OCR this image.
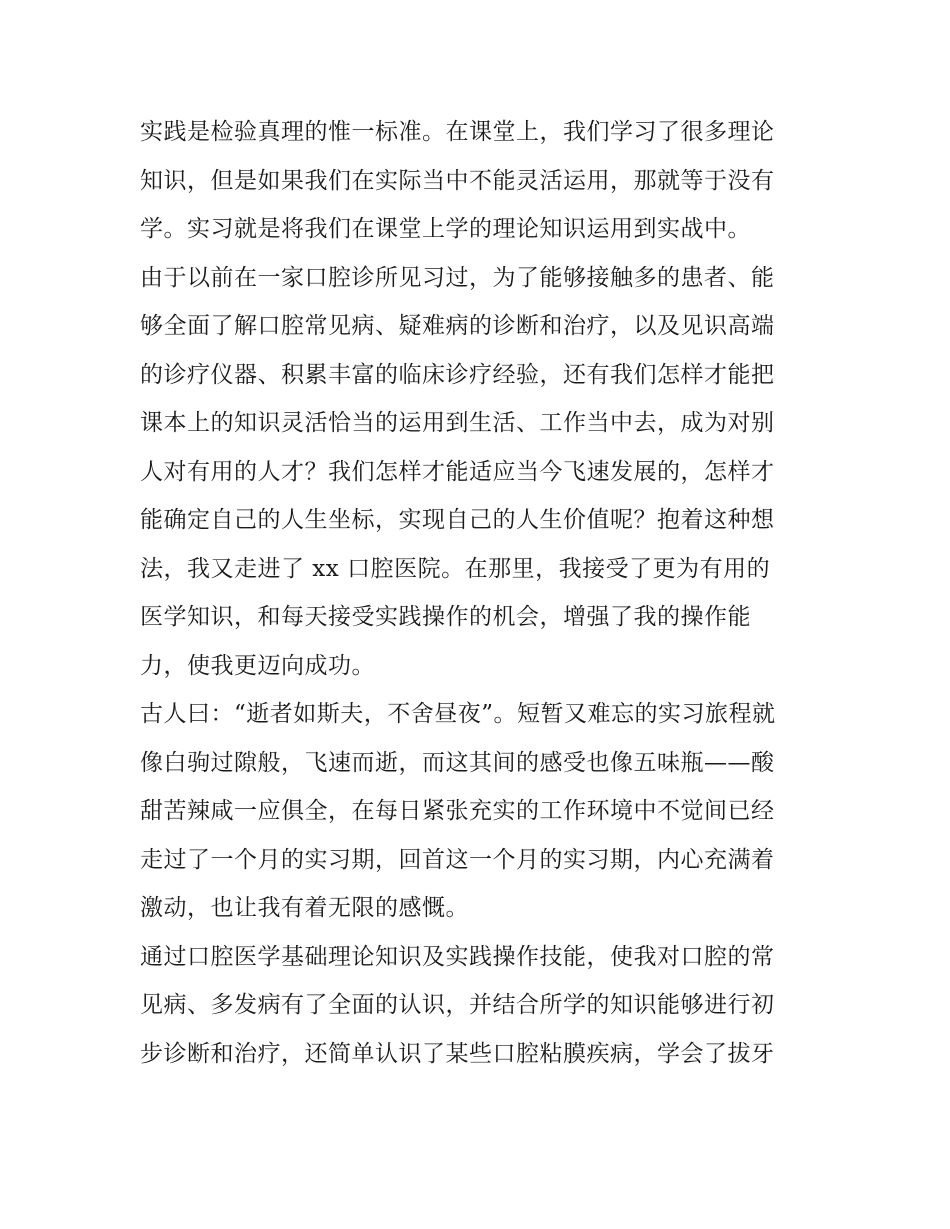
实践是检验真理的惟一标准。在课堂上，我们学习了很多理论
知识，但是如果我们在实际当中不能灵活运用，那就等于没有
学。实习就是将我们在课堂上学的理论知识运用到实战中。
由于以前在一家口腔诊所见习过，为了能够接触多的患者、能
够全面了解口腔常见病、疑难病的诊断和治疗，以及见识高端
的诊疗仪器、积累丰富的临床诊疗经验，还有我们怎样才能把
课本上的知识灵活恰当的运用到生活、工作当中去，成为对别
人对有用的人才？我们怎样才能适应当今飞速发展的，怎样才
能确定自己的人生坐标，实现自己的人生价值呢？抱着这种想
法，我又走进了 xx 口腔医院。在那里，我接受了更为有用的
医学知识，和每天接受实践操作的机会，增强了我的操作能
力，使我更迈向成功。
古人曰：“逝者如斯夫，不舍昼夜”。短暂又难忘的实习旅程就
像白驹过隙般，飞速而逝，而这其间的感受也像五味瓶——酸
甜苦辣咸一应俱全，在每日紧张充实的工作环境中不觉间已经
走过了一个月的实习期，回首这一个月的实习期，内心充满着
激动，也让我有着无限的感慨。
通过口腔医学基础理论知识及实践操作技能，使我对口腔的常
见病、多发病有了全面的认识，并结合所学的知识能够进行初
步诊断和治疗，还简单认识了某些口腔粘膜疾病，学会了拔牙
